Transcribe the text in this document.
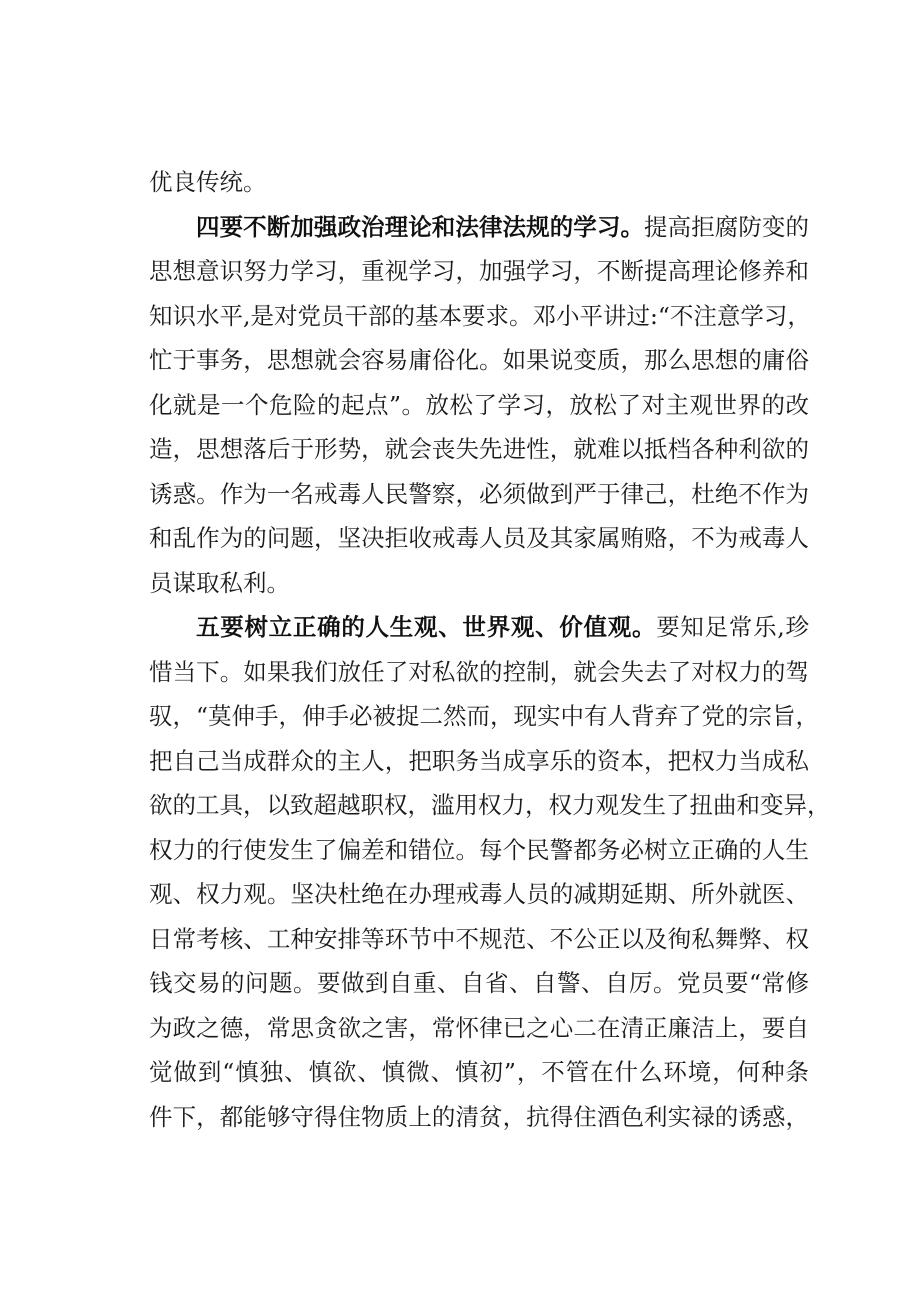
优良传统。
四要不断加强政治理论和法律法规的学习。提高拒腐防变的
思想意识努力学习，重视学习，加强学习，不断提高理论修养和
知识水平,是对党员干部的基本要求。邓小平讲过:“不注意学习，
忙于事务，思想就会容易庸俗化。如果说变质，那么思想的庸俗
化就是一个危险的起点”。放松了学习，放松了对主观世界的改
造，思想落后于形势，就会丧失先进性，就难以抵档各种利欲的
诱惑。作为一名戒毒人民警察，必须做到严于律己，杜绝不作为
和乱作为的问题，坚决拒收戒毒人员及其家属贿赂，不为戒毒人
员谋取私利。
五要树立正确的人生观、世界观、价值观。要知足常乐,珍
惜当下。如果我们放任了对私欲的控制，就会失去了对权力的驾
驭，“莫伸手，伸手必被捉二然而，现实中有人背弃了党的宗旨，
把自己当成群众的主人，把职务当成享乐的资本，把权力当成私
欲的工具，以致超越职权，滥用权力，权力观发生了扭曲和变异，
权力的行使发生了偏差和错位。每个民警都务必树立正确的人生
观、权力观。坚决杜绝在办理戒毒人员的减期延期、所外就医、
日常考核、工种安排等环节中不规范、不公正以及徇私舞弊、权
钱交易的问题。要做到自重、自省、自警、自厉。党员要“常修
为政之德，常思贪欲之害，常怀律已之心二在清正廉洁上，要自
觉做到“慎独、慎欲、慎微、慎初”，不管在什么环境，何种条
件下，都能够守得住物质上的清贫，抗得住酒色利实禄的诱惑，
